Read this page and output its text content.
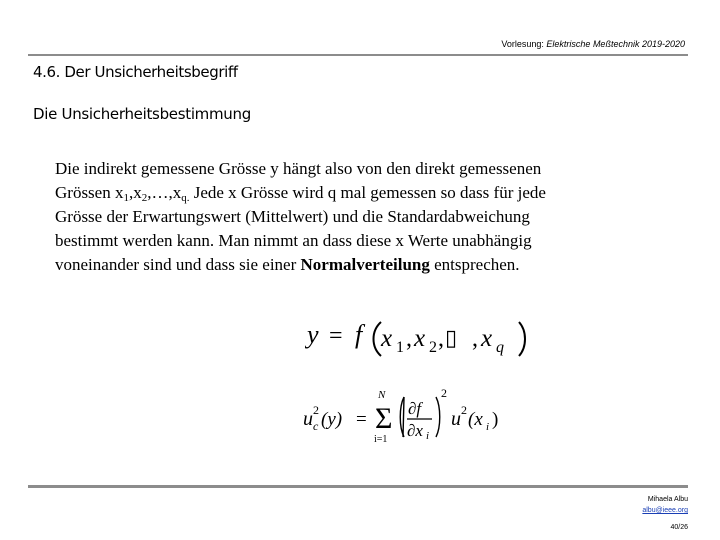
Vorlesung: Elektrische Meßtechnik 2019-2020
4.6. Der Unsicherheitsbegriff
Die Unsicherheitsbestimmung
Die indirekt gemessene Grösse y hängt also von den direkt gemessenen
Grössen $x_1,x_2,\dots,x_{q.}$ Jede x Grösse wird q mal gemessen so dass für jede
Grösse der Erwartungswert (Mittelwert) und die Standardabweichung
bestimmt werden kann. Man nimmt an dass diese x Werte unabhängig
voneinander sind und dass sie einer Normalverteilung entsprechen.
y = f x 1 , x 2 , ▯ , x q
u 2
c (y) =
N
Σ
i=1
∂f
∂x i
2
u 2 (x i )
Mihaela Albu
albu@ieee.org
40/26
